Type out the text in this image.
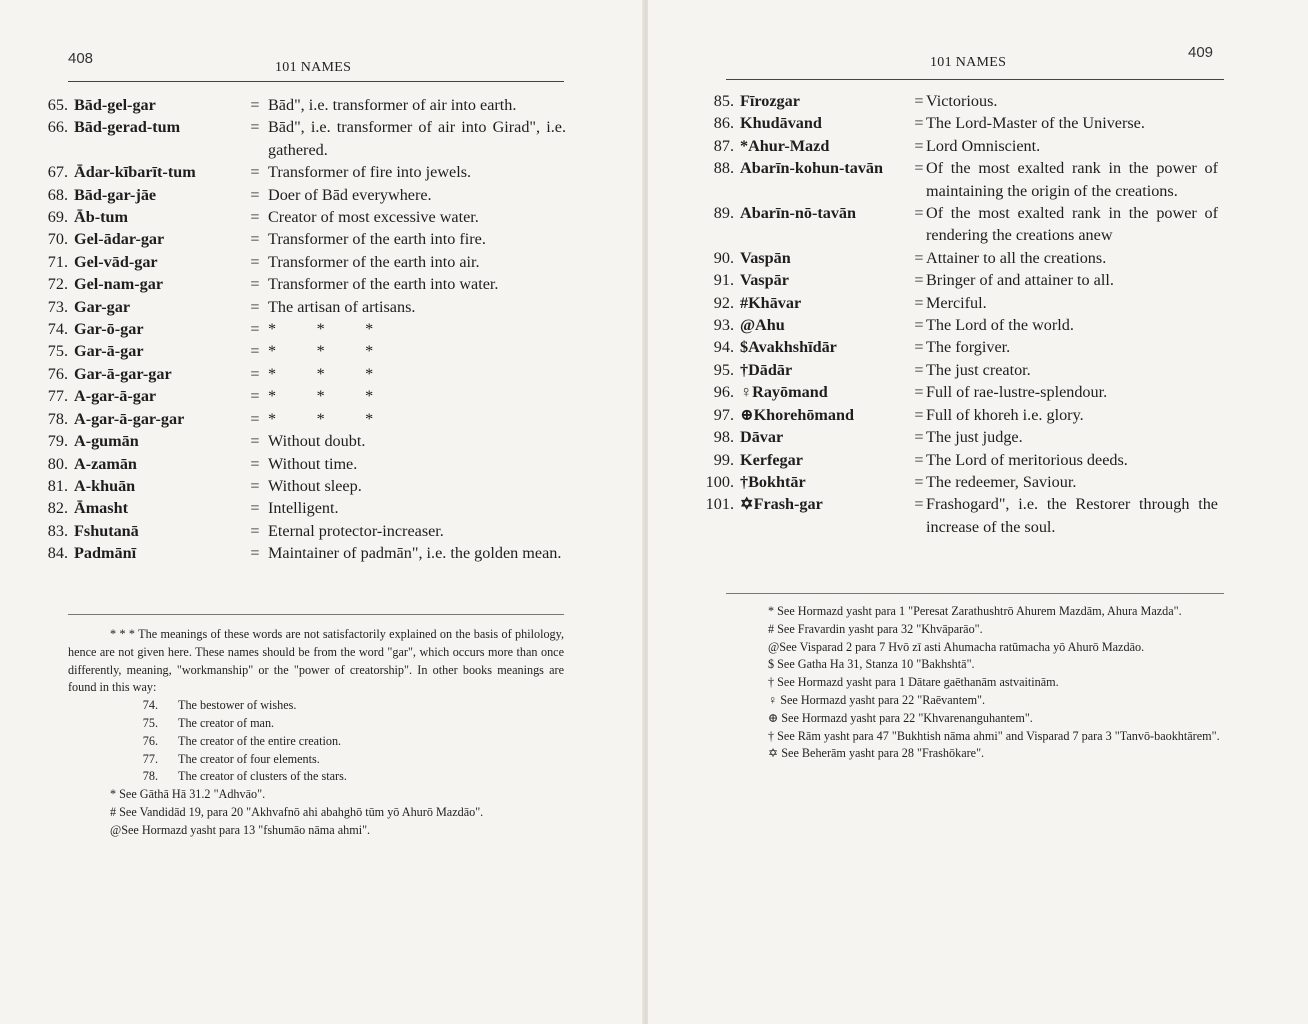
408
101 NAMES
65. Bād-gel-gar	= Bād", i.e. transformer of air into earth.
66. Bād-gerad-tum	= Bād", i.e. transformer of air into Girad", i.e. gathered.
67. Ādar-kībarīt-tum	= Transformer of fire into jewels.
68. Bād-gar-jāe	= Doer of Bād everywhere.
69. Āb-tum	= Creator of most excessive water.
70. Gel-ādar-gar	= Transformer of the earth into fire.
71. Gel-vād-gar	= Transformer of the earth into air.
72. Gel-nam-gar	= Transformer of the earth into water.
73. Gar-gar	= The artisan of artisans.
74. Gar-ō-gar	= *          *          *
75. Gar-ā-gar	= *          *          *
76. Gar-ā-gar-gar	= *          *          *
77. A-gar-ā-gar	= *          *          *
78. A-gar-ā-gar-gar	= *          *          *
79. A-gumān	= Without doubt.
80. A-zamān	= Without time.
81. A-khuān	= Without sleep.
82. Āmasht	= Intelligent.
83. Fshutanā	= Eternal protector-increaser.
84. Padmānī	= Maintainer of padmān", i.e. the golden mean.

* * * The meanings of these words are not satisfactorily explained on the basis of philology, hence are not given here. These names should be from the word "gar", which occurs more than once differently, meaning, "workmanship" or the "power of creatorship". In other books meanings are found in this way:

74.	The bestower of wishes.
75.	The creator of man.
76.	The creator of the entire creation.
77.	The creator of four elements.
78.	The creator of clusters of the stars.

* See Gāthā Hā 31.2 "Adhvāo".

# See Vandidād 19, para 20 "Akhvafnō ahi abahghō tūm yō Ahurō Mazdāo".

@See Hormazd yasht para 13 "fshumāo nāma ahmi".

101 NAMES
409
85. Fīrozgar	= Victorious.
86. Khudāvand	= The Lord-Master of the Universe.
87. *Ahur-Mazd	= Lord Omniscient.
88. Abarīn-kohun-tavān	= Of the most exalted rank in the power of maintaining the origin of the creations.
89. Abarīn-nō-tavān	= Of the most exalted rank in the power of rendering the creations anew
90. Vaspān	= Attainer to all the creations.
91. Vaspār	= Bringer of and attainer to all.
92. #Khāvar	= Merciful.
93. @Ahu	= The Lord of the world.
94. $Avakhshīdār	= The forgiver.
95. †Dādār	= The just creator.
96. ♀Rayōmand	= Full of rae-lustre-splendour.
97. ⊕Khorehōmand	= Full of khoreh i.e. glory.
98. Dāvar	= The just judge.
99. Kerfegar	= The Lord of meritorious deeds.
100. †Bokhtār	= The redeemer, Saviour.
101. ✡Frash-gar	= Frashogard", i.e. the Restorer through the increase of the soul.

* See Hormazd yasht para 1 "Peresat Zarathushtrō Ahurem Mazdām, Ahura Mazda".

# See Fravardin yasht para 32 "Khvāparāo".

@See Visparad 2 para 7 Hvō zī asti Ahumacha ratūmacha yō Ahurō Mazdāo.

$ See Gatha Ha 31, Stanza 10 "Bakhshtā".

† See Hormazd yasht para 1 Dātare gaēthanām astvaitinām.

♀ See Hormazd yasht para 22 "Raēvantem".

⊕ See Hormazd yasht para 22 "Khvarenanguhantem".

† See Rām yasht para 47 "Bukhtish nāma ahmi" and Visparad 7 para 3 "Tanvō-baokhtārem".

✡ See Beherām yasht para 28 "Frashōkare".
